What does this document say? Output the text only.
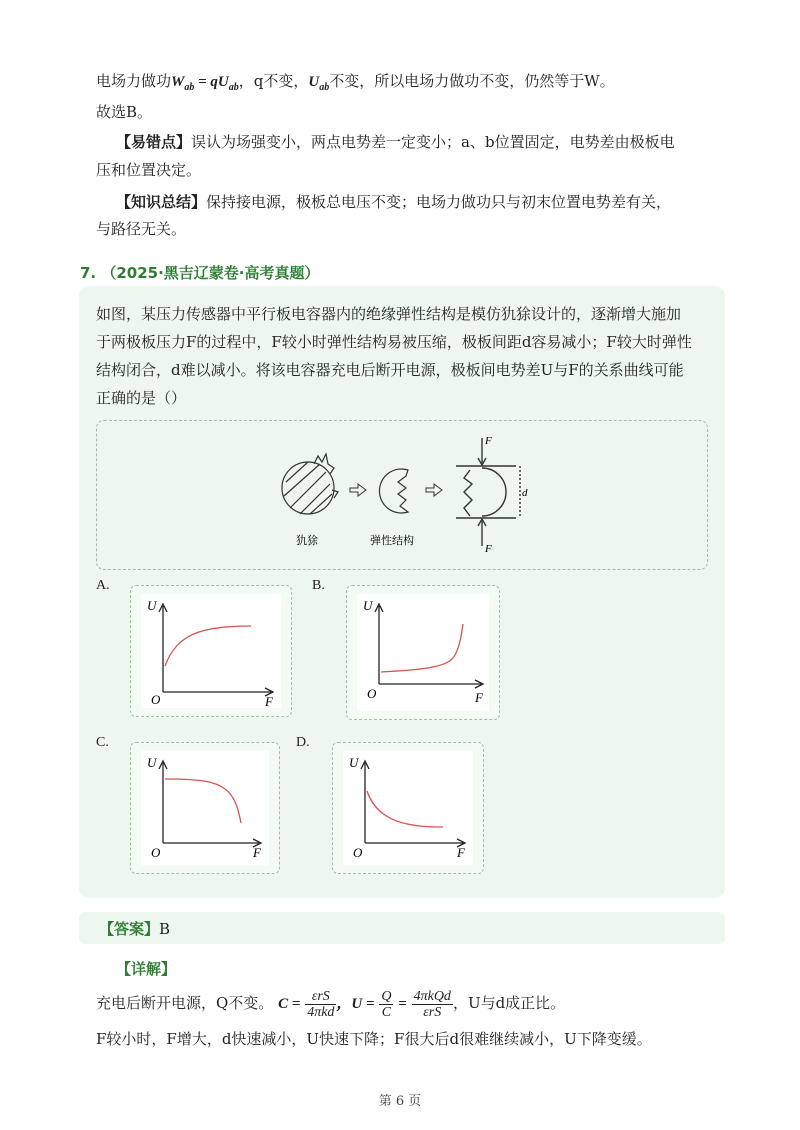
电场力做功$W_{ab} = qU_{ab}$，q不变，$U_{ab}$不变，所以电场力做功不变，仍然等于W。
故选B。
【易错点】误认为场强变小，两点电势差一定变小；a、b位置固定，电势差由极板电
压和位置决定。
【知识总结】保持接电源，极板总电压不变；电场力做功只与初末位置电势差有关，
与路径无关。
7. （2025·黑吉辽蒙卷·高考真题）
如图，某压力传感器中平行板电容器内的绝缘弹性结构是模仿犰狳设计的，逐渐增大施加
于两极板压力F的过程中，F较小时弹性结构易被压缩，极板间距d容易减小；F较大时弹性
结构闭合，d难以减小。将该电容器充电后断开电源，极板间电势差U与F的关系曲线可能
正确的是（）
F
F
d
犰狳	弹性结构
A.
U
F
O
B.
U
F
O
C.
U
F
O
D.
U
F
O
【答案】B
【详解】
充电后断开电源，Q不变。 $C = \frac{\text{εrS}}{\text{4πkd}}$ ，$U = \frac{Q}{C} = \frac{\text{4πkQd}}{\text{εrS}}$ ，U与d成正比。
F较小时，F增大，d快速减小，U快速下降；F很大后d很难继续减小，U下降变缓。
第 6 页
